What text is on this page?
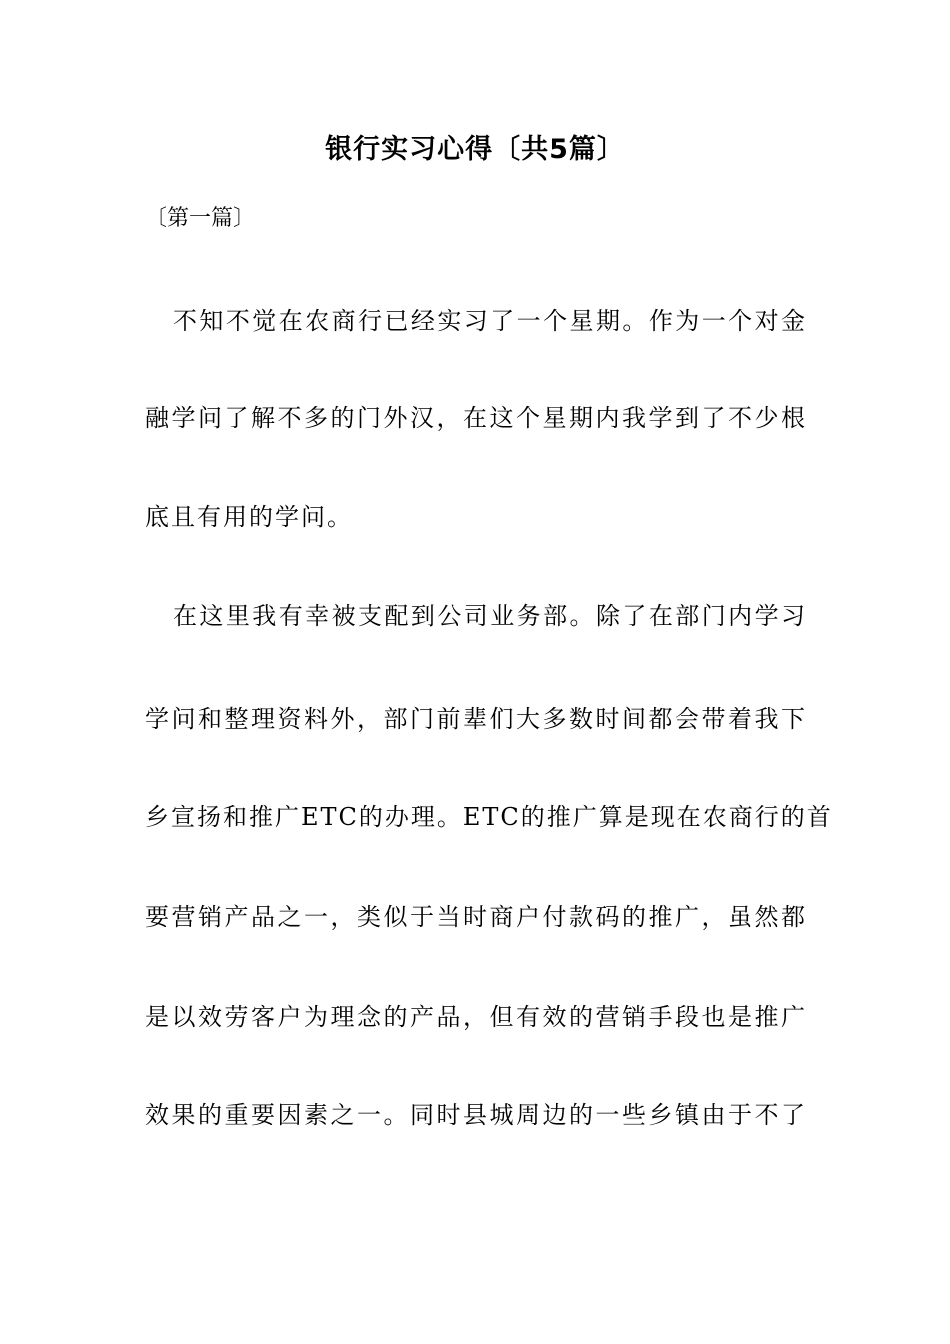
银行实习心得〔共5篇〕
〔第一篇〕
不知不觉在农商行已经实习了一个星期。作为一个对金
融学问了解不多的门外汉，在这个星期内我学到了不少根
底且有用的学问。
在这里我有幸被支配到公司业务部。除了在部门内学习
学问和整理资料外，部门前辈们大多数时间都会带着我下
乡宣扬和推广ETC的办理。ETC的推广算是现在农商行的首
要营销产品之一，类似于当时商户付款码的推广，虽然都
是以效劳客户为理念的产品，但有效的营销手段也是推广
效果的重要因素之一。同时县城周边的一些乡镇由于不了
